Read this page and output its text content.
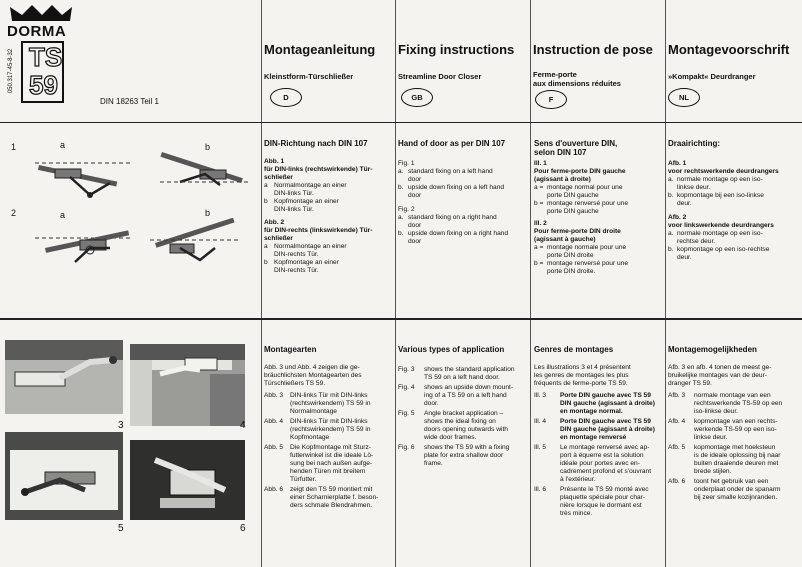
DORMA
TS
59
050.317-45-8-32
DIN 18263 Teil 1
Montageanleitung
Kleinstform-Türschließer
D
Fixing instructions
Streamline Door Closer
GB
Instruction de pose
Ferme-porte
aux dimensions réduites
F
Montagevoorschrift
»Kompakt« Deurdranger
NL
1
2
a	b
a	b
DIN-Richtung nach DIN 107
Abb. 1
für DIN-links (rechtswirkende) Tür-
schließer
a Normalmontage an einer
DIN-links Tür.
b Kopfmontage an einer
DIN-links Tür.
Abb. 2
für DIN-rechts (linkswirkende) Tür-
schließer
a Normalmontage an einer
DIN-rechts Tür.
b Kopfmontage an einer
DIN-rechts Tür.
Hand of door as per DIN 107
Fig. 1
a. standard fixing on a left hand
door
b. upside down fixing on a left hand
door
Fig. 2
a. standard fixing on a right hand
door
b. upside down fixing on a right hand
door
Sens d'ouverture DIN,
selon DIN 107
Ill. 1
Pour ferme-porte DIN gauche
(agissant à droite)
a = montage normal pour une
porte DIN gauche
b = montage renversé pour une
porte DIN gauche
Ill. 2
Pour ferme-porte DIN droite
(agissant à gauche)
a = montage normale pour une
porte DIN droite
b = montage renversé pour une
porte DIN droite.
Draairichting:
Afb. 1
voor rechtswerkende deurdrangers
a. normale montage op een iso-
linkse deur.
b. kopmontage bij een iso-linkse
deur.
Afb. 2
voor linkswerkende deurdrangers
a. normale montage op een iso-
rechtse deur.
b. kopmontage op een iso-rechtse
deur.
3	4
5	6
Montagearten
Abb. 3 und Abb. 4 zeigen die ge-
bräuchlichsten Montagearten des
Türschließers TS 59.
Abb. 3	DIN-links Tür mit DIN-links
(rechtswirkendem) TS 59 in
Normalmontage
Abb. 4	DIN-links Tür mit DIN-links
(rechtswirkendem) TS 59 in
Kopfmontage
Abb. 5	Die Kopfmontage mit Sturz-
futterwinkel ist die ideale Lö-
sung bei nach außen aufge-
henden Türen mit breitem
Türfutter.
Abb. 6	zeigt den TS 59 montiert mit
einer Scharnierplatte f. beson-
ders schmale Blendrahmen.
Various types of application
Fig. 3	shows the standard application
TS 59 on a left hand door.
Fig. 4	shows an upside down mount-
ing of a TS 59 on a left hand
door.
Fig. 5	Angle bracket application –
shows the ideal fixing on
doors opening outwards with
wide door frames.
Fig. 6	shows the TS 59 with a fixing
plate for extra shallow door
frame.
Genres de montages
Les illustrations 3 et 4 présentent
les genres de montages les plus
fréquents de ferme-porte TS 59.
Ill. 3	Porte DIN gauche avec TS 59
DIN gauche (agissant à droite)
en montage normal.
Ill. 4	Porte DIN gauche avec TS 59
DIN gauche (agissant à droite)
en montage renversé
Ill. 5	Le montage renversé avec ap-
port à équerre est la solution
idéale pour portes avec en-
cadrement profond et s'ouvrant
à l'extérieur.
Ill. 6	Présente le TS 59 monté avec
plaquette spéciale pour char-
nière lorsque le dormant est
très mince.
Montagemogelijkheden
Afb. 3 en afb. 4 tonen de meest ge-
bruikelijke montages van de deur-
dranger TS 59.
Afb. 3	normale montage van een
rechtswerkende TS-59 op een
iso-linkse deur.
Afb. 4	kopmontage van een rechts-
werkende TS-59 op een iso-
linkse deur.
Afb. 5	kopmontage met hoeksteun
is de ideale oplossing bij naar
buiten draaiende deuren met
brede stijlen.
Afb. 6	toont het gebruik van een
onderplaat onder de spanarm
bij zeer smalle kozijnranden.
